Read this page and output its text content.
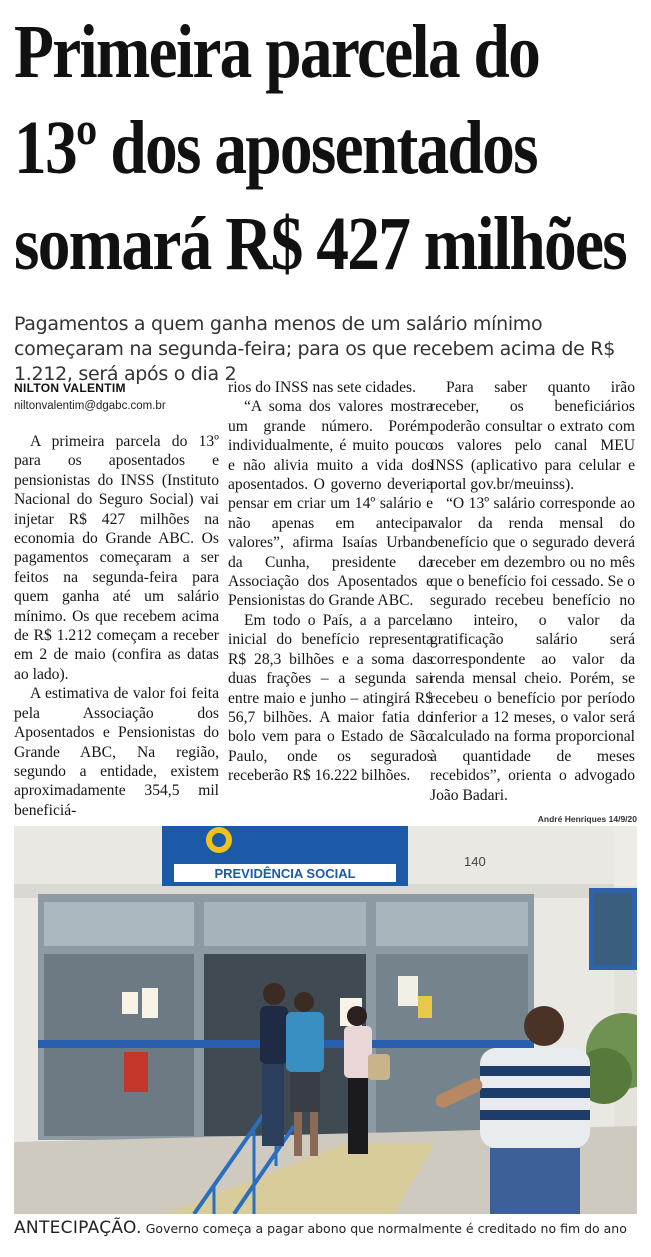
Primeira parcela do
13º dos aposentados
somará R$ 427 milhões

Pagamentos a quem ganha menos de um salário mínimo começaram na segunda-feira; para os que recebem acima de R$ 1.212, será após o dia 2

NILTON VALENTIM
niltonvalentim@dgabc.com.br

A primeira parcela do 13º para os aposentados e pensionistas do INSS (Instituto Nacional do Seguro Social) vai injetar R$ 427 milhões na economia do Grande ABC. Os pagamentos começaram a ser feitos na segunda-feira para quem ganha até um salário mínimo. Os que recebem acima de R$ 1.212 começam a receber em 2 de maio (confira as datas ao lado).

A estimativa de valor foi feita pela Associação dos Aposentados e Pensionistas do Grande ABC, Na região, segundo a entidade, existem aproximadamente 354,5 mil beneficiá-

rios do INSS nas sete cidades.

“A soma dos valores mostra um grande número. Porém, individualmente, é muito pouco e não alivia muito a vida dos aposentados. O governo deveria pensar em criar um 14º salário e não apenas em antecipar valores”, afirma Isaías Urbano da Cunha, presidente da Associação dos Aposentados e Pensionistas do Grande ABC.

Em todo o País, a a parcela inicial do benefício representa R$ 28,3 bilhões e a soma das duas frações – a segunda sai entre maio e junho – atingirá R$ 56,7 bilhões. A maior fatia do bolo vem para o Estado de São Paulo, onde os segurados receberão R$ 16.222 bilhões.

Para saber quanto irão receber, os beneficiários poderão consultar o extrato com os valores pelo canal MEU INSS (aplicativo para celular e portal gov.br/meuinss).

“O 13º salário corresponde ao valor da renda mensal do benefício que o segurado deverá receber em dezembro ou no mês que o benefício foi cessado. Se o segurado recebeu benefício no ano inteiro, o valor da gratificação salário será correspondente ao valor da renda mensal cheio. Porém, se recebeu o benefício por período inferior a 12 meses, o valor será calculado na forma proporcional à quantidade de meses recebidos”, orienta o advogado João Badari.

André Henriques 14/9/20
PREVIDÊNCIA SOCIAL
140
ANTECIPAÇÃO. Governo começa a pagar abono que normalmente é creditado no fim do ano
